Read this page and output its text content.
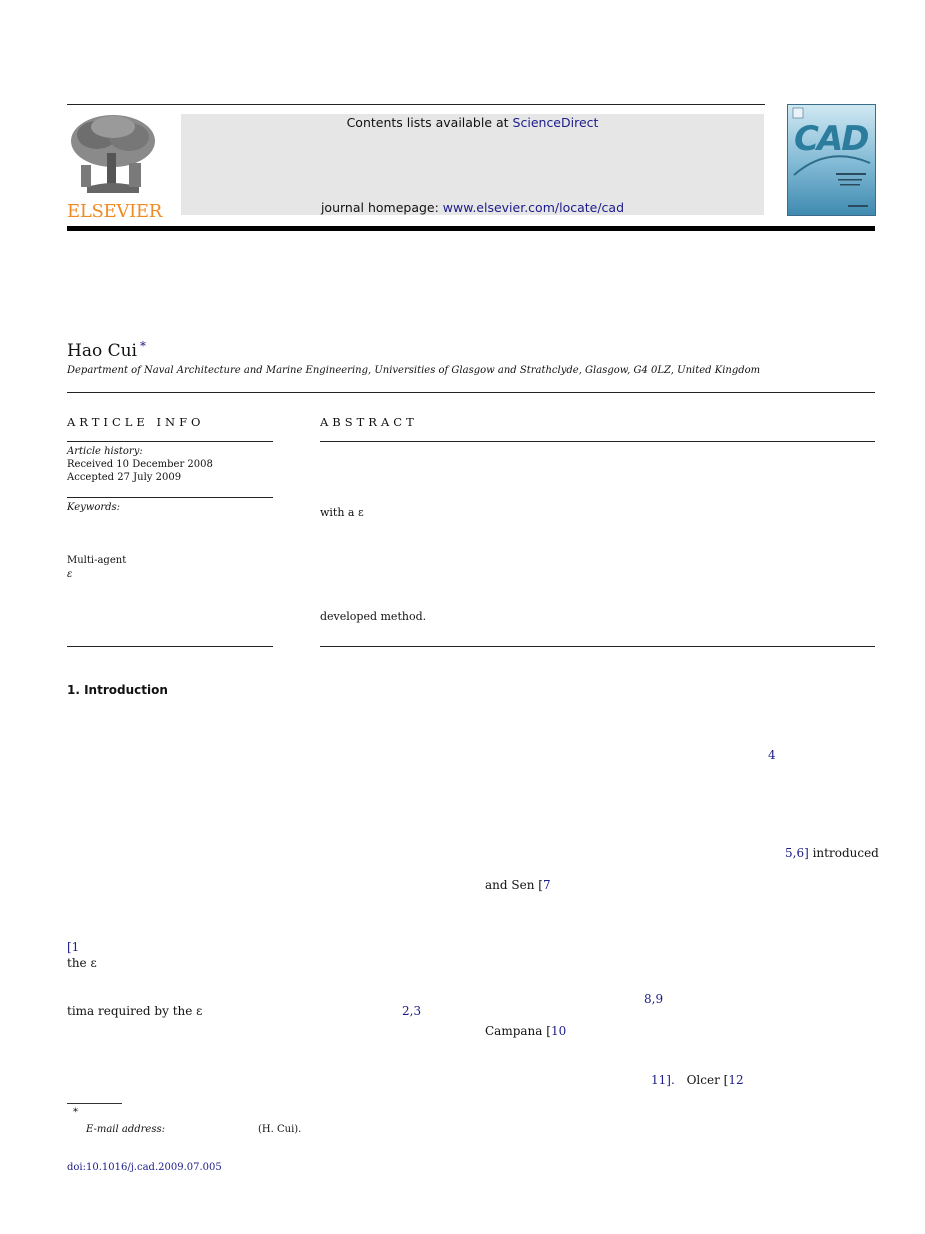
ELSEVIER
Contents lists available at ScienceDirect
journal homepage: www.elsevier.com/locate/cad
CAD
Hao Cui *
Department of Naval Architecture and Marine Engineering, Universities of Glasgow and Strathclyde, Glasgow, G4 0LZ, United Kingdom
ARTICLE INFO
Article history:
Received 10 December 2008
Accepted 27 July 2009
Keywords:
Multi-agent
ε
ABSTRACT
with a ε
developed method.
1. Introduction
[1
the ε
tima required by the ε	2,3
4
5,6] introduced
and Sen [7
8,9
Campana [10
11]. Olcer [12
*
E-mail address:	(H. Cui).
doi:10.1016/j.cad.2009.07.005
